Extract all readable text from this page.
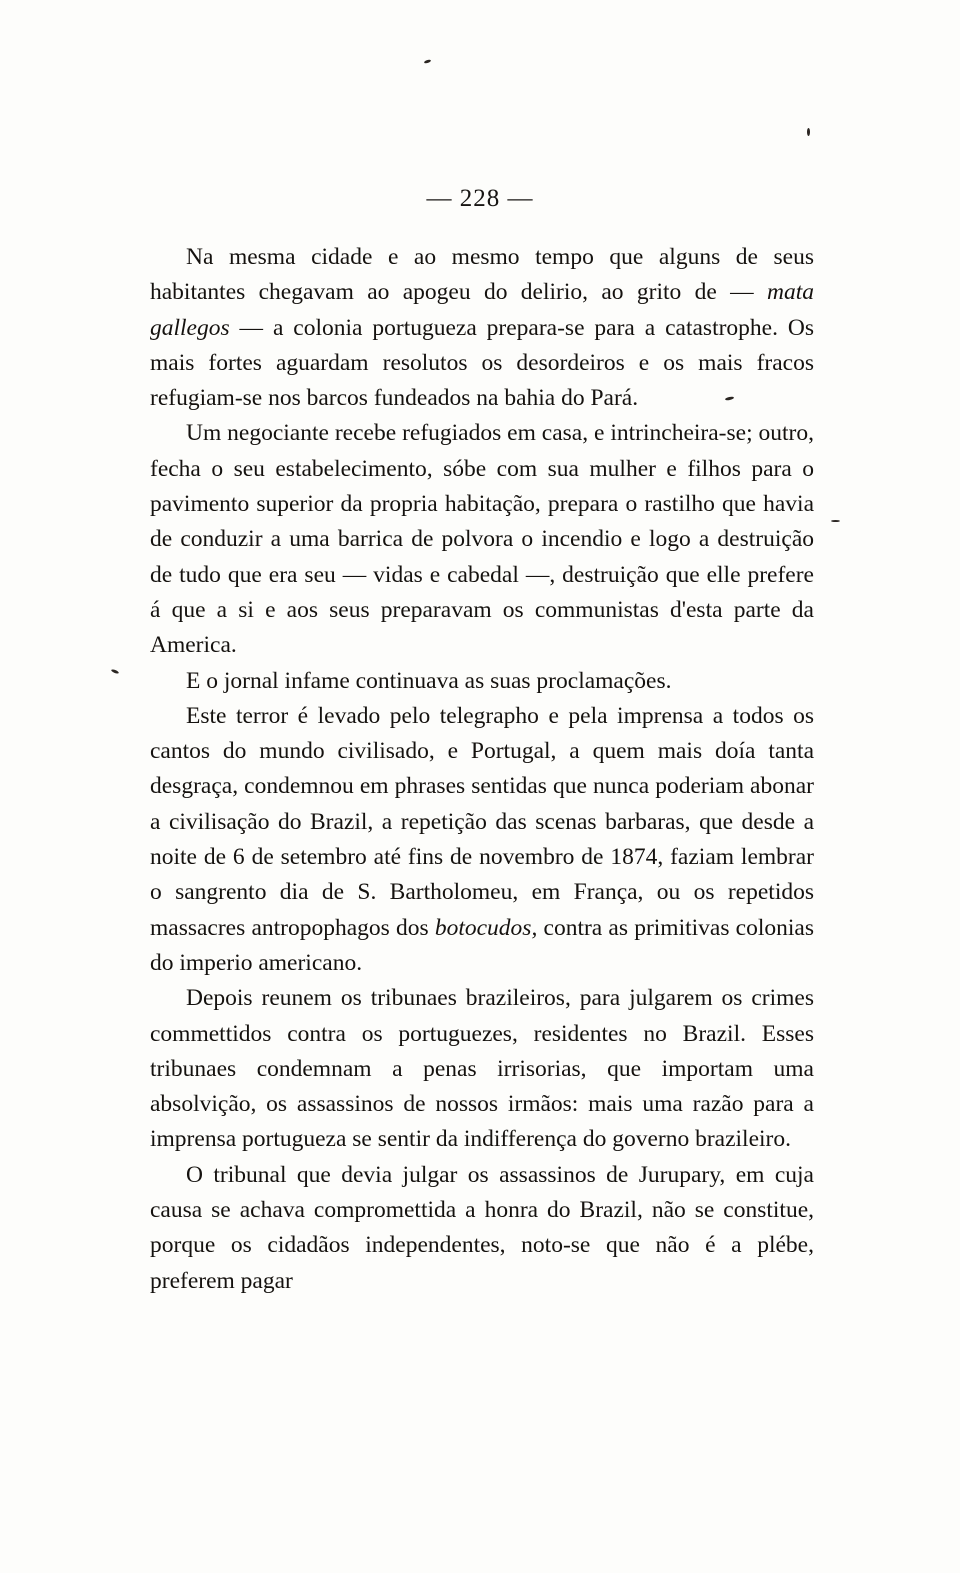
— 228 —

Na mesma cidade e ao mesmo tempo que alguns de seus habitantes chegavam ao apogeu do delirio, ao grito de — mata gallegos — a colonia portugueza prepara-se para a catastrophe. Os mais fortes aguardam resolutos os desordeiros e os mais fracos refugiam-se nos barcos fundeados na bahia do Pará.

Um negociante recebe refugiados em casa, e intrincheira-se; outro, fecha o seu estabelecimento, sóbe com sua mulher e filhos para o pavimento superior da propria habitação, prepara o rastilho que havia de conduzir a uma barrica de polvora o incendio e logo a destruição de tudo que era seu — vidas e cabedal —, destruição que elle prefere á que a si e aos seus preparavam os communistas d'esta parte da America.

E o jornal infame continuava as suas proclamações.

Este terror é levado pelo telegrapho e pela imprensa a todos os cantos do mundo civilisado, e Portugal, a quem mais doía tanta desgraça, condemnou em phrases sentidas que nunca poderiam abonar a civilisação do Brazil, a repetição das scenas barbaras, que desde a noite de 6 de setembro até fins de novembro de 1874, faziam lembrar o sangrento dia de S. Bartholomeu, em França, ou os repetidos massacres antropophagos dos botocudos, contra as primitivas colonias do imperio americano.

Depois reunem os tribunaes brazileiros, para julgarem os crimes commettidos contra os portuguezes, residentes no Brazil. Esses tribunaes condemnam a penas irrisorias, que importam uma absolvição, os assassinos de nossos irmãos: mais uma razão para a imprensa portugueza se sentir da indifferença do governo brazileiro.

O tribunal que devia julgar os assassinos de Jurupary, em cuja causa se achava compromettida a honra do Brazil, não se constitue, porque os cidadãos independentes, noto-se que não é a plébe, preferem pagar
